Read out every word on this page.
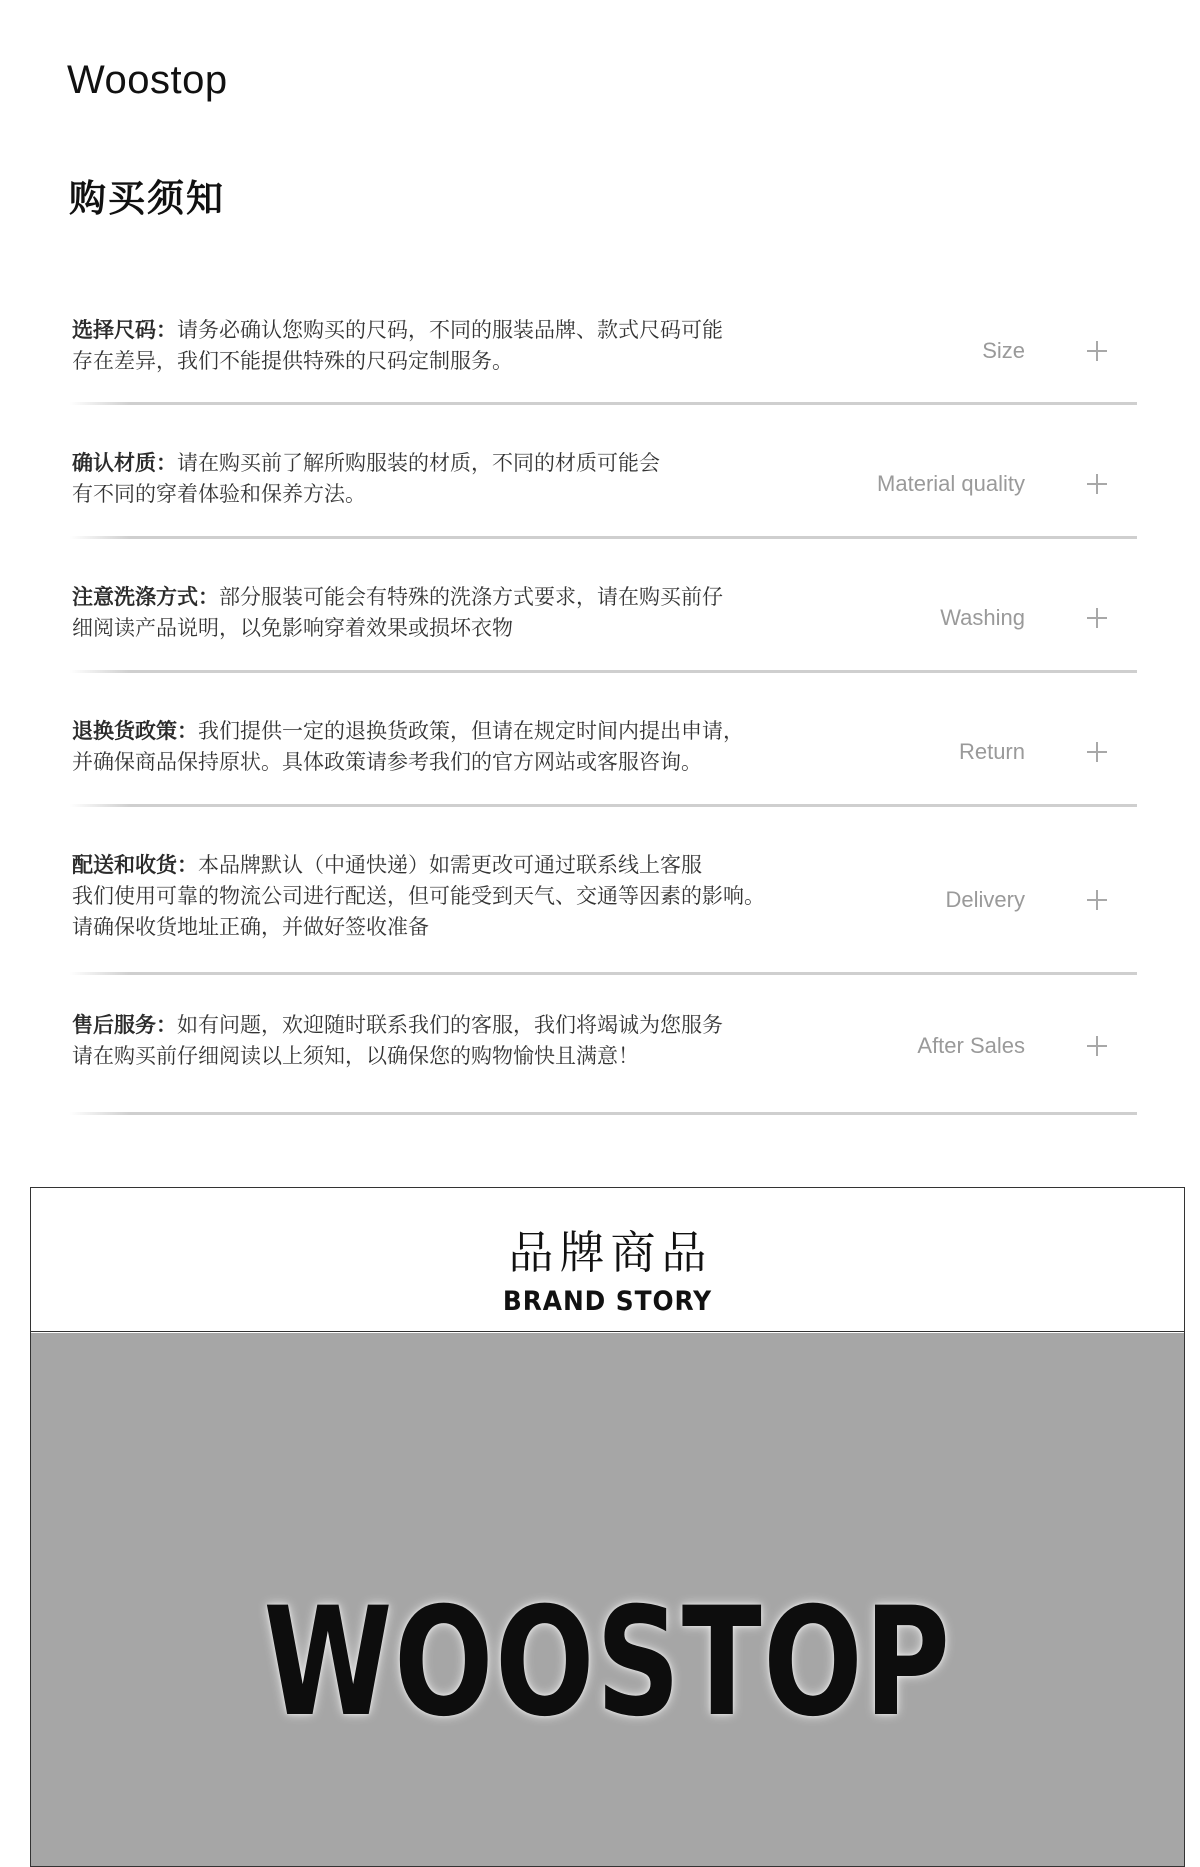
Woostop
购买须知
选择尺码：请务必确认您购买的尺码，不同的服装品牌、款式尺码可能
存在差异，我们不能提供特殊的尺码定制服务。	Size
确认材质：请在购买前了解所购服装的材质，不同的材质可能会
有不同的穿着体验和保养方法。	Material quality
注意洗涤方式：部分服装可能会有特殊的洗涤方式要求，请在购买前仔
细阅读产品说明，以免影响穿着效果或损坏衣物	Washing
退换货政策：我们提供一定的退换货政策，但请在规定时间内提出申请，
并确保商品保持原状。具体政策请参考我们的官方网站或客服咨询。	Return
配送和收货：本品牌默认（中通快递）如需更改可通过联系线上客服
我们使用可靠的物流公司进行配送，但可能受到天气、交通等因素的影响。
请确保收货地址正确，并做好签收准备
Delivery
售后服务：如有问题，欢迎随时联系我们的客服，我们将竭诚为您服务
请在购买前仔细阅读以上须知，以确保您的购物愉快且满意！	After Sales
品牌商品
BRAND STORY
WOOSTOP
